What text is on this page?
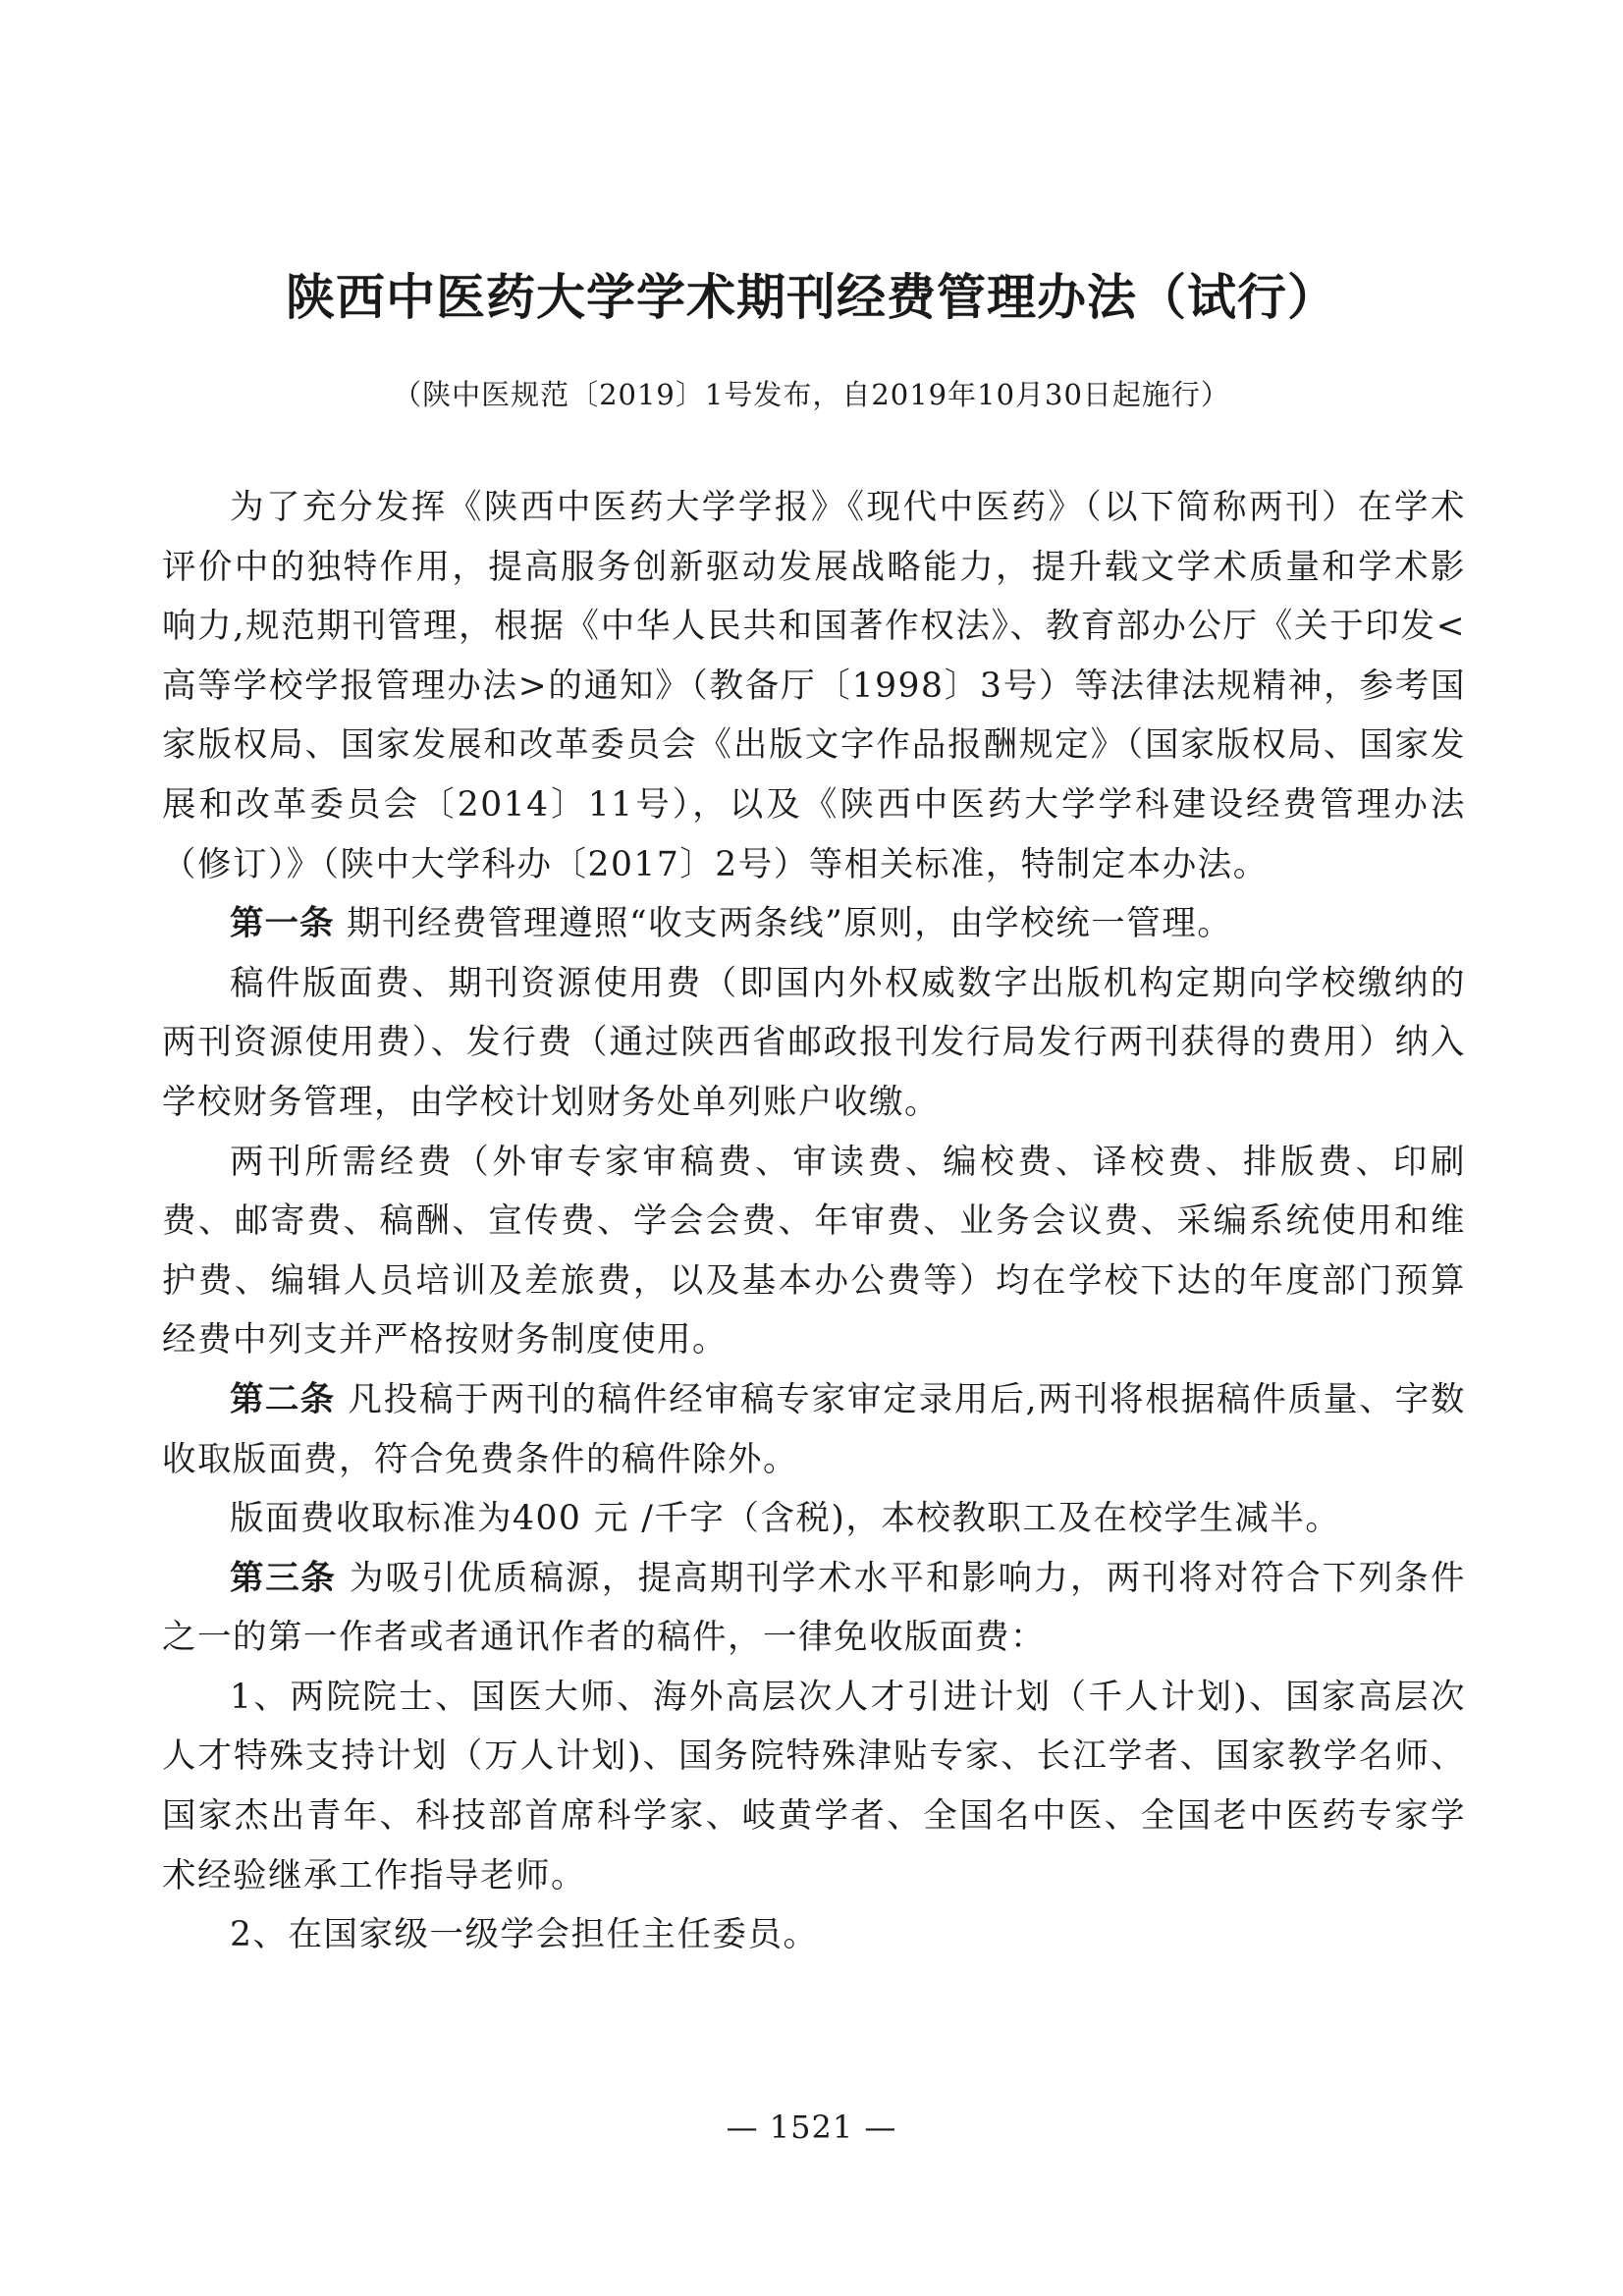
陕西中医药大学学术期刊经费管理办法（试行）
（陕中医规范〔2019〕1号发布，自2019年10月30日起施行）

为了充分发挥《陕西中医药大学学报》《现代中医药》（以下简称两刊）在学术评价中的独特作用，提高服务创新驱动发展战略能力，提升载文学术质量和学术影响力,规范期刊管理，根据《中华人民共和国著作权法》、教育部办公厅《关于印发<高等学校学报管理办法>的通知》（教备厅〔1998〕3号）等法律法规精神，参考国家版权局、国家发展和改革委员会《出版文字作品报酬规定》（国家版权局、国家发展和改革委员会〔2014〕11号），以及《陕西中医药大学学科建设经费管理办法（修订）》（陕中大学科办〔2017〕2号）等相关标准，特制定本办法。

第一条 期刊经费管理遵照“收支两条线”原则，由学校统一管理。

稿件版面费、期刊资源使用费（即国内外权威数字出版机构定期向学校缴纳的两刊资源使用费）、发行费（通过陕西省邮政报刊发行局发行两刊获得的费用）纳入学校财务管理，由学校计划财务处单列账户收缴。

两刊所需经费（外审专家审稿费、审读费、编校费、译校费、排版费、印刷费、邮寄费、稿酬、宣传费、学会会费、年审费、业务会议费、采编系统使用和维护费、编辑人员培训及差旅费，以及基本办公费等）均在学校下达的年度部门预算经费中列支并严格按财务制度使用。

第二条 凡投稿于两刊的稿件经审稿专家审定录用后,两刊将根据稿件质量、字数收取版面费，符合免费条件的稿件除外。

版面费收取标准为400 元 /千字（含税)，本校教职工及在校学生减半。

第三条 为吸引优质稿源，提高期刊学术水平和影响力，两刊将对符合下列条件之一的第一作者或者通讯作者的稿件，一律免收版面费：

1、两院院士、国医大师、海外高层次人才引进计划（千人计划)、国家高层次人才特殊支持计划（万人计划)、国务院特殊津贴专家、长江学者、国家教学名师、国家杰出青年、科技部首席科学家、岐黄学者、全国名中医、全国老中医药专家学术经验继承工作指导老师。

2、在国家级一级学会担任主任委员。

— 1521 —
